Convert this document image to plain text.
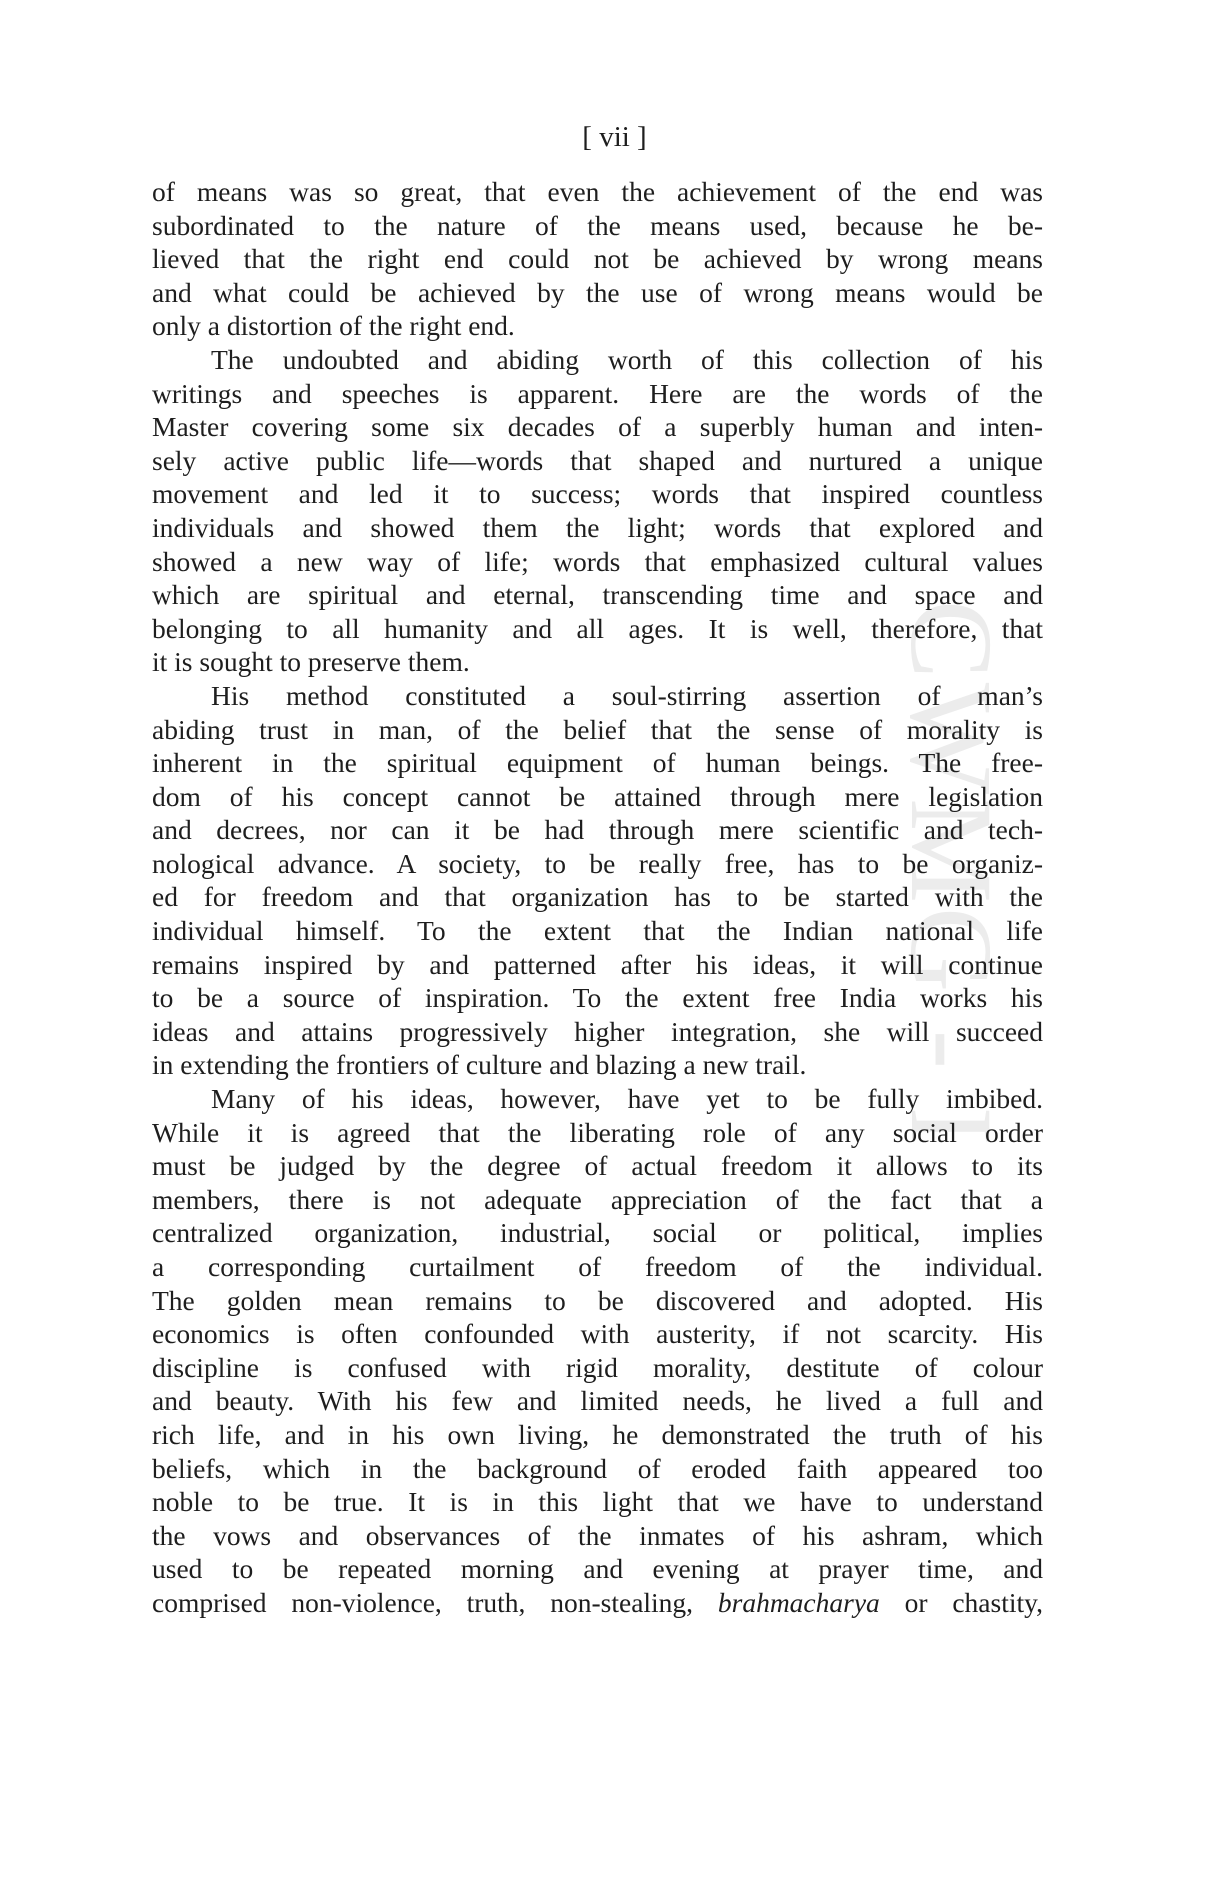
[ vii ]
CWMG - I
of means was so great, that even the achievement of the end was
subordinated to the nature of the means used, because he be-
lieved that the right end could not be achieved by wrong means
and what could be achieved by the use of wrong means would be
only a distortion of the right end.
The undoubted and abiding worth of this collection of his
writings and speeches is apparent. Here are the words of the
Master covering some six decades of a superbly human and inten-
sely active public life—words that shaped and nurtured a unique
movement and led it to success; words that inspired countless
individuals and showed them the light; words that explored and
showed a new way of life; words that emphasized cultural values
which are spiritual and eternal, transcending time and space and
belonging to all humanity and all ages. It is well, therefore, that
it is sought to preserve them.
His method constituted a soul-stirring assertion of man’s
abiding trust in man, of the belief that the sense of morality is
inherent in the spiritual equipment of human beings. The free-
dom of his concept cannot be attained through mere legislation
and decrees, nor can it be had through mere scientific and tech-
nological advance. A society, to be really free, has to be organiz-
ed for freedom and that organization has to be started with the
individual himself. To the extent that the Indian national life
remains inspired by and patterned after his ideas, it will continue
to be a source of inspiration. To the extent free India works his
ideas and attains progressively higher integration, she will succeed
in extending the frontiers of culture and blazing a new trail.
Many of his ideas, however, have yet to be fully imbibed.
While it is agreed that the liberating role of any social order
must be judged by the degree of actual freedom it allows to its
members, there is not adequate appreciation of the fact that a
centralized organization, industrial, social or political, implies
a corresponding curtailment of freedom of the individual.
The golden mean remains to be discovered and adopted. His
economics is often confounded with austerity, if not scarcity. His
discipline is confused with rigid morality, destitute of colour
and beauty. With his few and limited needs, he lived a full and
rich life, and in his own living, he demonstrated the truth of his
beliefs, which in the background of eroded faith appeared too
noble to be true. It is in this light that we have to understand
the vows and observances of the inmates of his ashram, which
used to be repeated morning and evening at prayer time, and
comprised non-violence, truth, non-stealing, brahmacharya or chastity,
